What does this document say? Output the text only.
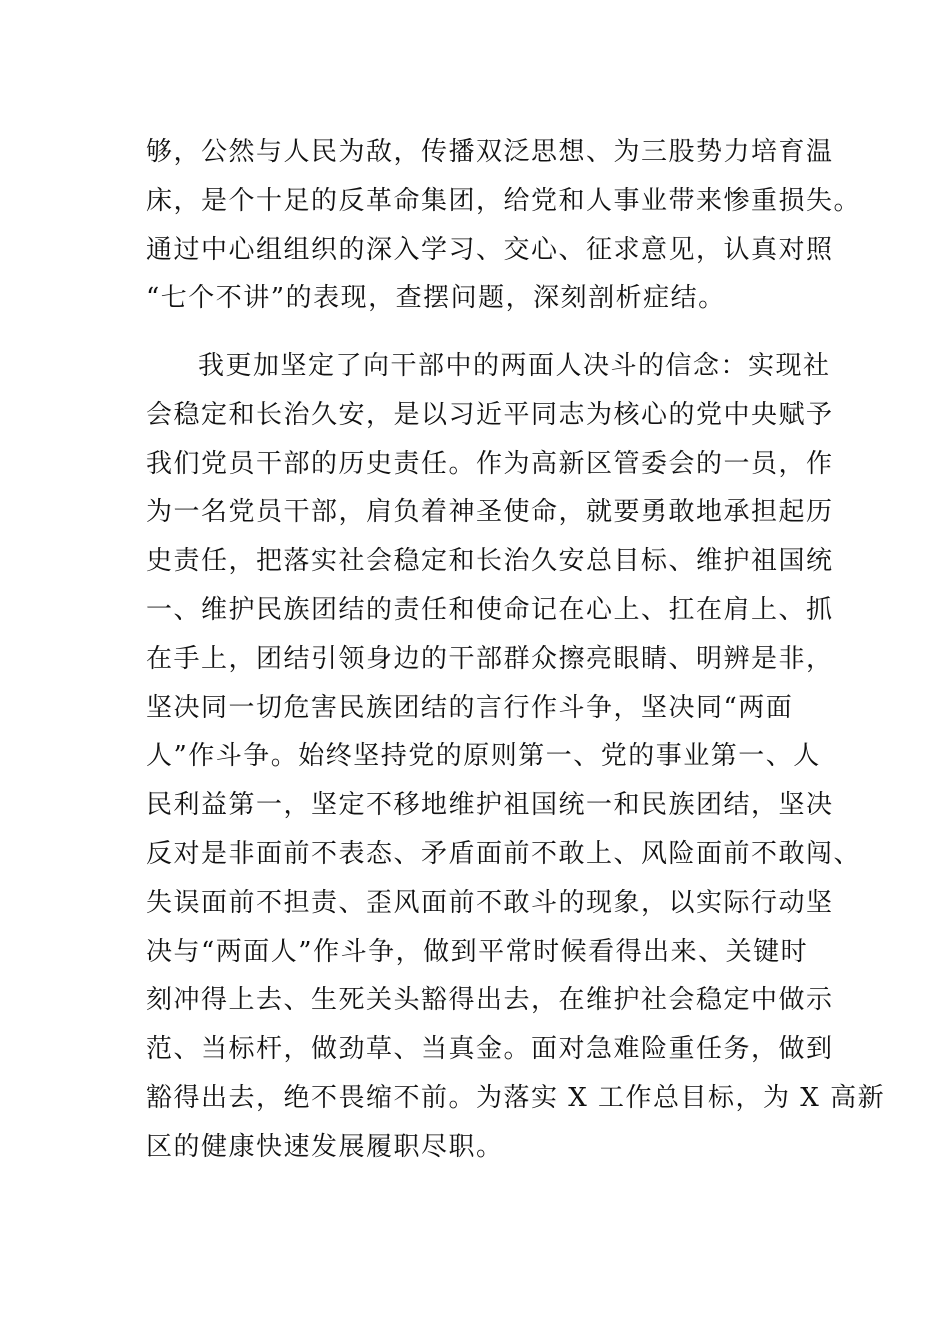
够，公然与人民为敌，传播双泛思想、为三股势力培育温
床，是个十足的反革命集团，给党和人事业带来惨重损失。
通过中心组组织的深入学习、交心、征求意见，认真对照
“七个不讲”的表现，查摆问题，深刻剖析症结。
我更加坚定了向干部中的两面人决斗的信念：实现社
会稳定和长治久安，是以习近平同志为核心的党中央赋予
我们党员干部的历史责任。作为高新区管委会的一员，作
为一名党员干部，肩负着神圣使命，就要勇敢地承担起历
史责任，把落实社会稳定和长治久安总目标、维护祖国统
一、维护民族团结的责任和使命记在心上、扛在肩上、抓
在手上，团结引领身边的干部群众擦亮眼睛、明辨是非，
坚决同一切危害民族团结的言行作斗争，坚决同“两面
人”作斗争。始终坚持党的原则第一、党的事业第一、人
民利益第一，坚定不移地维护祖国统一和民族团结，坚决
反对是非面前不表态、矛盾面前不敢上、风险面前不敢闯、
失误面前不担责、歪风面前不敢斗的现象，以实际行动坚
决与“两面人”作斗争，做到平常时候看得出来、关键时
刻冲得上去、生死关头豁得出去，在维护社会稳定中做示
范、当标杆，做劲草、当真金。面对急难险重任务，做到
豁得出去，绝不畏缩不前。为落实 X 工作总目标，为 X 高新
区的健康快速发展履职尽职。
